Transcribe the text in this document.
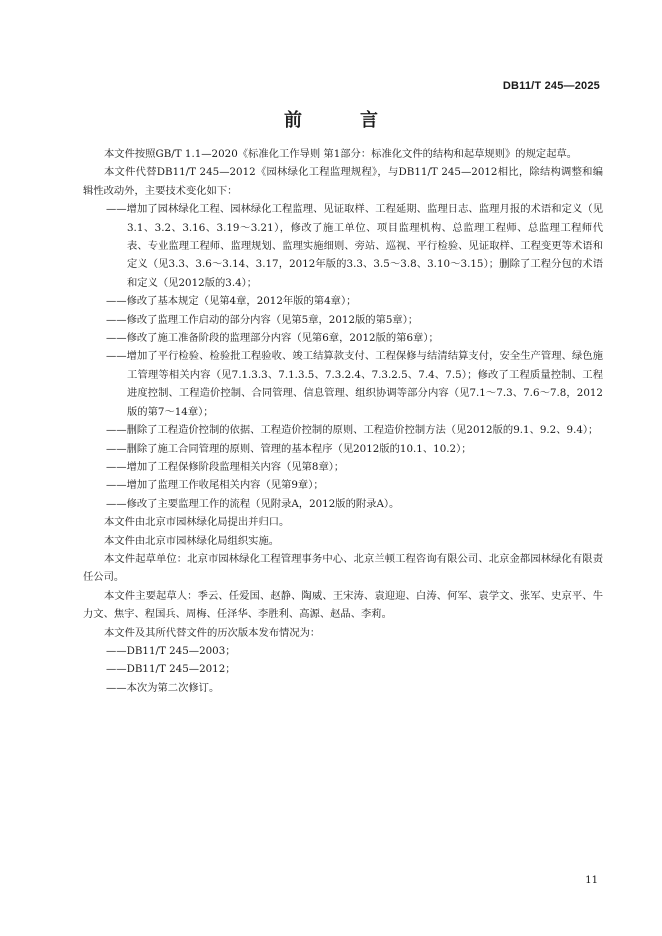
DB11/T 245—2025
前　言

本文件按照GB/T 1.1—2020《标准化工作导则 第1部分：标准化文件的结构和起草规则》的规定起草。

本文件代替DB11/T 245—2012《园林绿化工程监理规程》，与DB11/T 245—2012相比，除结构调整和编辑性改动外，主要技术变化如下：

——增加了园林绿化工程、园林绿化工程监理、见证取样、工程延期、监理日志、监理月报的术语和定义（见3.1、3.2、3.16、3.19～3.21），修改了施工单位、项目监理机构、总监理工程师、总监理工程师代表、专业监理工程师、监理规划、监理实施细则、旁站、巡视、平行检验、见证取样、工程变更等术语和定义（见3.3、3.6～3.14、3.17，2012年版的3.3、3.5～3.8、3.10～3.15）；删除了工程分包的术语和定义（见2012版的3.4）；

——修改了基本规定（见第4章，2012年版的第4章）；

——修改了监理工作启动的部分内容（见第5章，2012版的第5章）；

——修改了施工准备阶段的监理部分内容（见第6章，2012版的第6章）；

——增加了平行检验、检验批工程验收、竣工结算款支付、工程保修与结清结算支付，安全生产管理、绿色施工管理等相关内容（见7.1.3.3、7.1.3.5、7.3.2.4、7.3.2.5、7.4、7.5）；修改了工程质量控制、工程进度控制、工程造价控制、合同管理、信息管理、组织协调等部分内容（见7.1～7.3、7.6～7.8，2012版的第7～14章）；

——删除了工程造价控制的依据、工程造价控制的原则、工程造价控制方法（见2012版的9.1、9.2、9.4）；

——删除了施工合同管理的原则、管理的基本程序（见2012版的10.1、10.2）；

——增加了工程保修阶段监理相关内容（见第8章）；

——增加了监理工作收尾相关内容（见第9章）；

——修改了主要监理工作的流程（见附录A，2012版的附录A）。

本文件由北京市园林绿化局提出并归口。

本文件由北京市园林绿化局组织实施。

本文件起草单位：北京市园林绿化工程管理事务中心、北京兰顿工程咨询有限公司、北京金都园林绿化有限责任公司。

本文件主要起草人：季云、任爱国、赵静、陶威、王宋涛、袁迎迎、白涛、何军、袁学文、张军、史京平、牛力文、焦宇、程国兵、周梅、任泽华、李胜利、高源、赵晶、李莉。

本文件及其所代替文件的历次版本发布情况为：

——DB11/T 245—2003；

——DB11/T 245—2012；

——本次为第二次修订。

11
